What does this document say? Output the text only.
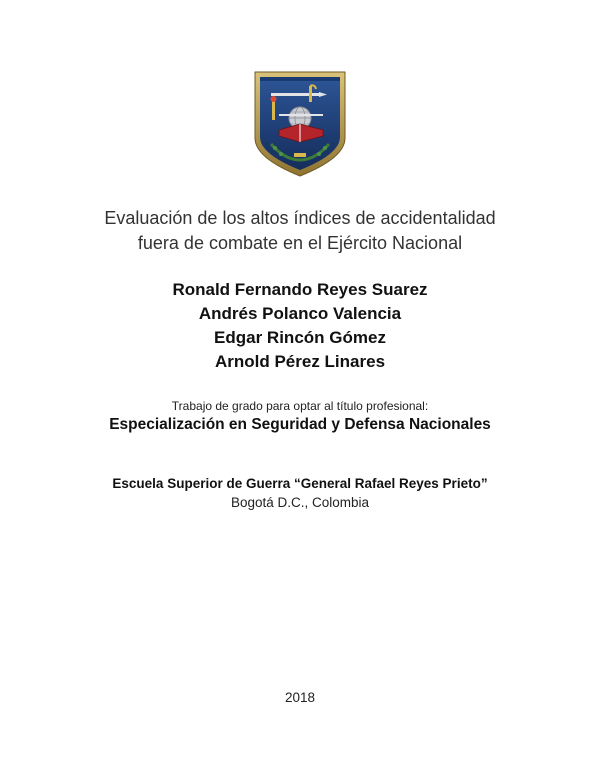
Evaluación de los altos índices de accidentalidad
fuera de combate en el Ejército Nacional
Ronald Fernando Reyes Suarez
Andrés Polanco Valencia
Edgar Rincón Gómez
Arnold Pérez Linares
Trabajo de grado para optar al título profesional:
Especialización en Seguridad y Defensa Nacionales
Escuela Superior de Guerra “General Rafael Reyes Prieto”
Bogotá D.C., Colombia
2018
